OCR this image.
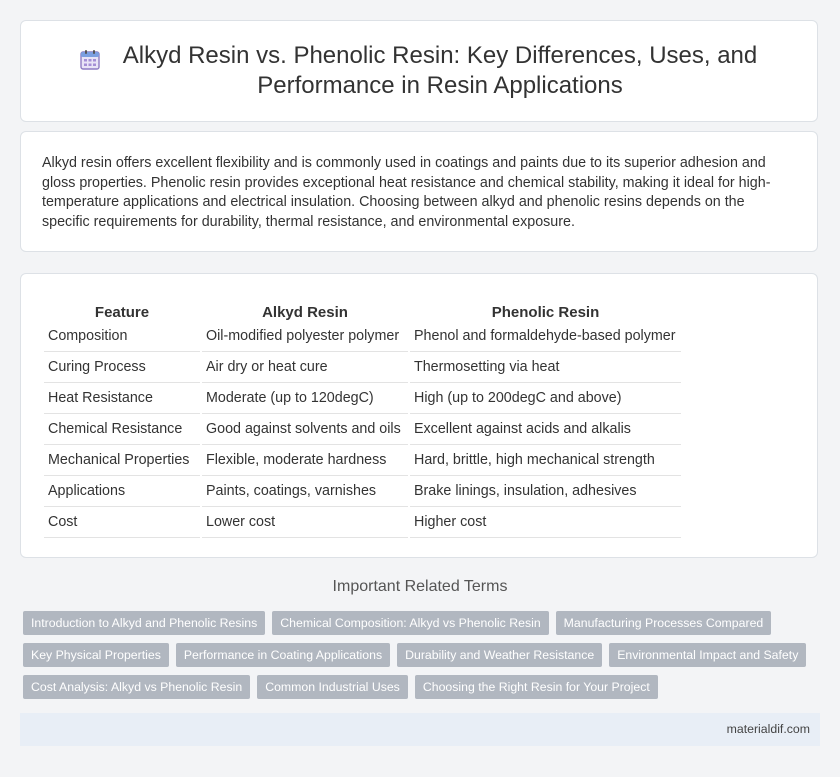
Alkyd Resin vs. Phenolic Resin: Key Differences, Uses, and Performance in Resin Applications

Alkyd resin offers excellent flexibility and is commonly used in coatings and paints due to its superior adhesion and gloss properties. Phenolic resin provides exceptional heat resistance and chemical stability, making it ideal for high-temperature applications and electrical insulation. Choosing between alkyd and phenolic resins depends on the specific requirements for durability, thermal resistance, and environmental exposure.

Feature	Alkyd Resin	Phenolic Resin
Composition	Oil-modified polyester polymer	Phenol and formaldehyde-based polymer
Curing Process	Air dry or heat cure	Thermosetting via heat
Heat Resistance	Moderate (up to 120degC)	High (up to 200degC and above)
Chemical Resistance	Good against solvents and oils	Excellent against acids and alkalis
Mechanical Properties	Flexible, moderate hardness	Hard, brittle, high mechanical strength
Applications	Paints, coatings, varnishes	Brake linings, insulation, adhesives
Cost	Lower cost	Higher cost
Important Related Terms
Introduction to Alkyd and Phenolic Resins	Chemical Composition: Alkyd vs Phenolic Resin	Manufacturing Processes Compared
Key Physical Properties	Performance in Coating Applications	Durability and Weather Resistance	Environmental Impact and Safety
Cost Analysis: Alkyd vs Phenolic Resin	Common Industrial Uses	Choosing the Right Resin for Your Project
materialdif.com
